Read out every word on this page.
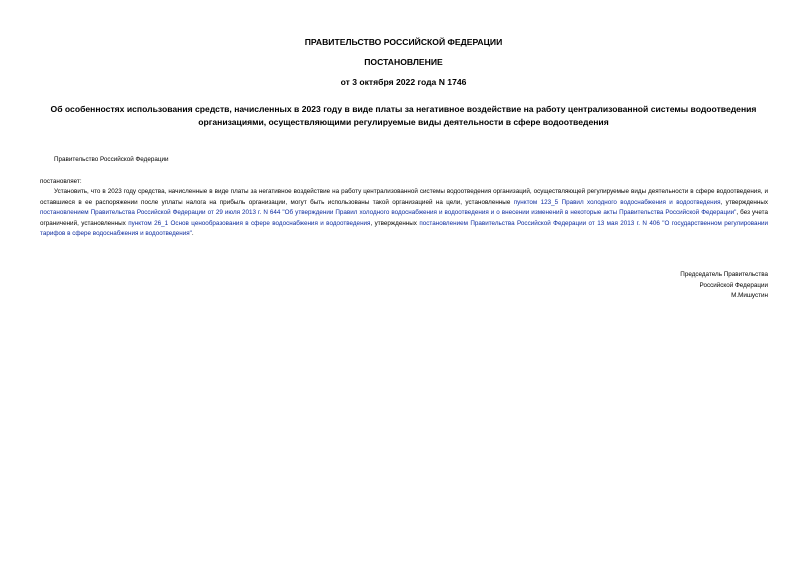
ПРАВИТЕЛЬСТВО РОССИЙСКОЙ ФЕДЕРАЦИИ
ПОСТАНОВЛЕНИЕ
от 3 октября 2022 года N 1746
Об особенностях использования средств, начисленных в 2023 году в виде платы за негативное воздействие на работу централизованной системы водоотведения организациями, осуществляющими регулируемые виды деятельности в сфере водоотведения
Правительство Российской Федерации
постановляет:
Установить, что в 2023 году средства, начисленные в виде платы за негативное воздействие на работу централизованной системы водоотведения организаций, осуществляющей регулируемые виды деятельности в сфере водоотведения, и оставшиеся в ее распоряжении после уплаты налога на прибыль организации, могут быть использованы такой организацией на цели, установленные пунктом 123_5 Правил холодного водоснабжения и водоотведения, утвержденных постановлением Правительства Российской Федерации от 29 июля 2013 г. N 644 "Об утверждении Правил холодного водоснабжения и водоотведения и о внесении изменений в некоторые акты Правительства Российской Федерации", без учета ограничений, установленных пунктом 26_1 Основ ценообразования в сфере водоснабжения и водоотведения, утвержденных постановлением Правительства Российской Федерации от 13 мая 2013 г. N 406 "О государственном регулировании тарифов в сфере водоснабжения и водоотведения".
Председатель Правительства
Российской Федерации
М.Мишустин
